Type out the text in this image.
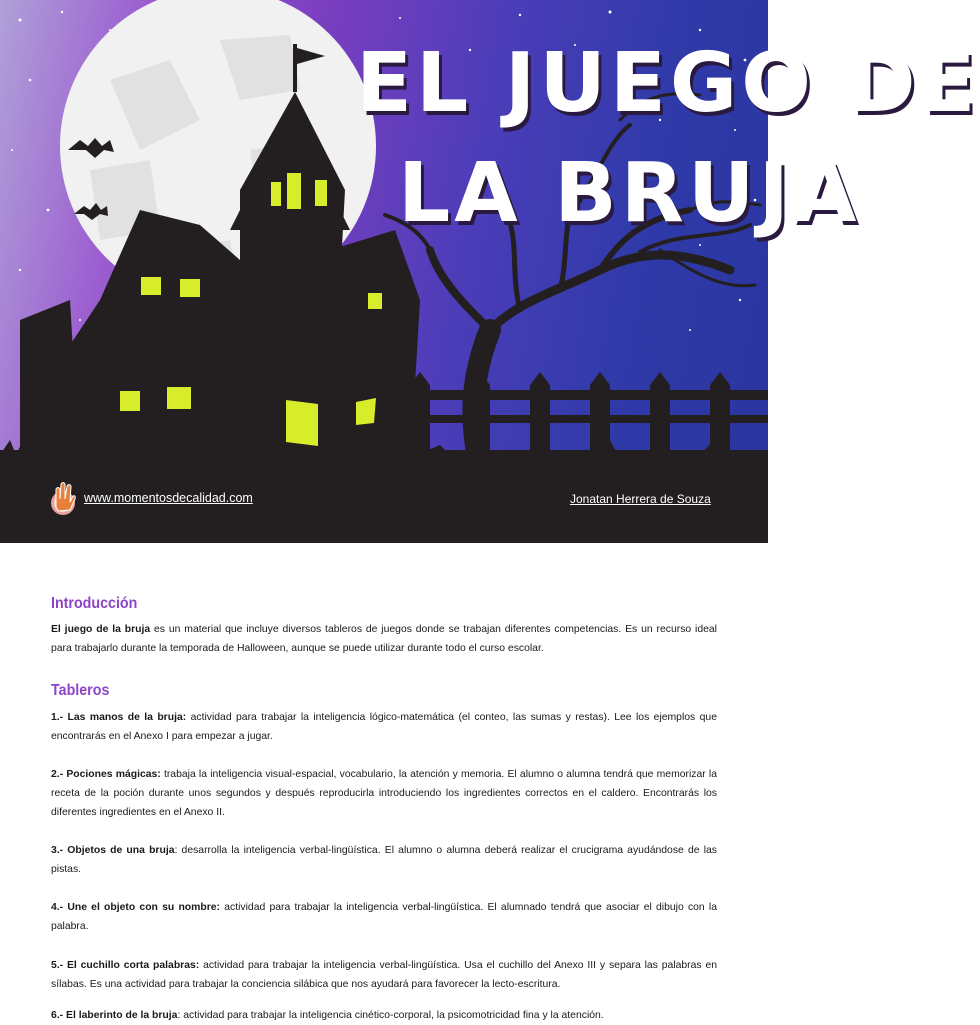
EL JUEGO DE
LA BRUJA
www.momentosdecalidad.com	Jonatan Herrera de Souza
Introducción

El juego de la bruja es un material que incluye diversos tableros de juegos donde se trabajan diferentes competencias. Es un recurso ideal para trabajarlo durante la temporada de Halloween, aunque se puede utilizar durante todo el curso escolar.

Tableros

1.- Las manos de la bruja: actividad para trabajar la inteligencia lógico-matemática (el conteo, las sumas y restas). Lee los ejemplos que encontrarás en el Anexo I para empezar a jugar.

2.- Pociones mágicas: trabaja la inteligencia visual-espacial, vocabulario, la atención y memoria. El alumno o alumna tendrá que memorizar la receta de la poción durante unos segundos y después reproducirla introduciendo los ingredientes correctos en el caldero. Encontrarás los diferentes ingredientes en el Anexo II.

3.- Objetos de una bruja: desarrolla la inteligencia verbal-lingüística. El alumno o alumna deberá realizar el crucigrama ayudándose de las pistas.

4.- Une el objeto con su nombre: actividad para trabajar la inteligencia verbal-lingüística. El alumnado tendrá que asociar el dibujo con la palabra.

5.- El cuchillo corta palabras: actividad para trabajar la inteligencia verbal-lingüística. Usa el cuchillo del Anexo III y separa las palabras en sílabas. Es una actividad para trabajar la conciencia silábica que nos ayudará para favorecer la lecto-escritura.

6.- El laberinto de la bruja: actividad para trabajar la inteligencia cinético-corporal, la psicomotricidad fina y la atención.
